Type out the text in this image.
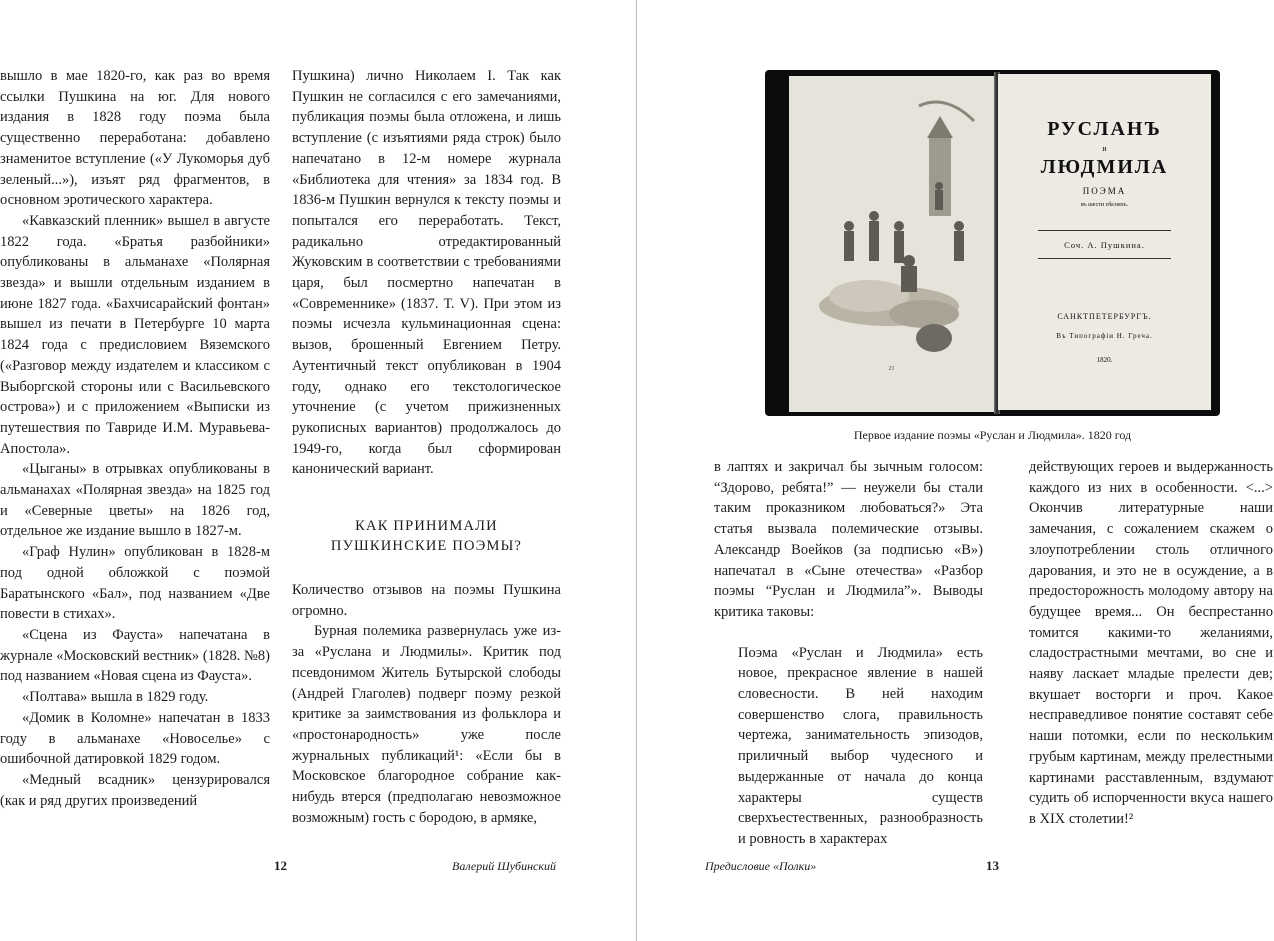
вышло в мае 1820-го, как раз во время ссылки Пушкина на юг. Для нового издания в 1828 году поэма была существенно переработана: добавлено знаменитое вступление («У Лукоморья дуб зеленый...»), изъят ряд фрагментов, в основном эротического характера.

«Кавказский пленник» вышел в августе 1822 года. «Братья разбойники» опубликованы в альманахе «Полярная звезда» и вышли отдельным изданием в июне 1827 года. «Бахчисарайский фонтан» вышел из печати в Петербурге 10 марта 1824 года с предисловием Вяземского («Разговор между издателем и классиком с Выборгской стороны или с Васильевского острова») и с приложением «Выписки из путешествия по Тавриде И.М. Муравьева-Апостола».

«Цыганы» в отрывках опубликованы в альманахах «Полярная звезда» на 1825 год и «Северные цветы» на 1826 год, отдельное же издание вышло в 1827-м.

«Граф Нулин» опубликован в 1828-м под одной обложкой с поэмой Баратынского «Бал», под названием «Две повести в стихах».

«Сцена из Фауста» напечатана в журнале «Московский вестник» (1828. №8) под названием «Новая сцена из Фауста».

«Полтава» вышла в 1829 году.

«Домик в Коломне» напечатан в 1833 году в альманахе «Новоселье» с ошибочной датировкой 1829 годом.

«Медный всадник» цензурировался (как и ряд других произведений

Пушкина) лично Николаем I. Так как Пушкин не согласился с его замечаниями, публикация поэмы была отложена, и лишь вступление (с изъятиями ряда строк) было напечатано в 12-м номере журнала «Библиотека для чтения» за 1834 год. В 1836-м Пушкин вернулся к тексту поэмы и попытался его переработать. Текст, радикально отредактированный Жуковским в соответствии с требованиями царя, был посмертно напечатан в «Современнике» (1837. Т. V). При этом из поэмы исчезла кульминационная сцена: вызов, брошенный Евгением Петру. Аутентичный текст опубликован в 1904 году, однако его текстологическое уточнение (с учетом прижизненных рукописных вариантов) продолжалось до 1949-го, когда был сформирован канонический вариант.

КАК ПРИНИМАЛИ
ПУШКИНСКИЕ ПОЭМЫ?

Количество отзывов на поэмы Пушкина огромно.

Бурная полемика развернулась уже из-за «Руслана и Людмилы». Критик под псевдонимом Житель Бутырской слободы (Андрей Глаголев) подверг поэму резкой критике за заимствования из фольклора и «простонародность» уже после журнальных публикаций¹: «Если бы в Московское благородное собрание как-нибудь втерся (предполагаю невозможное возможным) гость с бородою, в армяке,

12	Валерий Шубинский
21
РУСЛАНЪ
и
ЛЮДМИЛА
ПОЭМА
въ шести пѣсняхъ.
Соч. А. Пушкина.
САНКТПЕТЕРБУРГЪ.
Въ Типографіи Н. Греча.
1820.
Первое издание поэмы «Руслан и Людмила». 1820 год

в лаптях и закричал бы зычным голосом: “Здорово, ребята!” — неужели бы стали таким проказником любоваться?» Эта статья вызвала полемические отзывы. Александр Воейков (за подписью «В») напечатал в «Сыне отечества» «Разбор поэмы “Руслан и Людмила”». Выводы критика таковы:

Поэма «Руслан и Людмила» есть новое, прекрасное явление в нашей словесности. В ней находим совершенство слога, правильность чертежа, занимательность эпизодов, приличный выбор чудесного и выдержанные от начала до конца характеры существ сверхъестественных, разнообразность и ровность в характерах

действующих героев и выдержанность каждого из них в особенности. <...> Окончив литературные наши замечания, с сожалением скажем о злоупотреблении столь отличного дарования, и это не в осуждение, а в предосторожность молодому автору на будущее время... Он беспрестанно томится какими-то желаниями, сладострастными мечтами, во сне и наяву ласкает младые прелести дев; вкушает восторги и проч. Какое несправедливое понятие составят себе наши потомки, если по нескольким грубым картинам, между прелестными картинами расставленным, вздумают судить об испорченности вкуса нашего в XIX столетии!²

Предисловие «Полки»	13
